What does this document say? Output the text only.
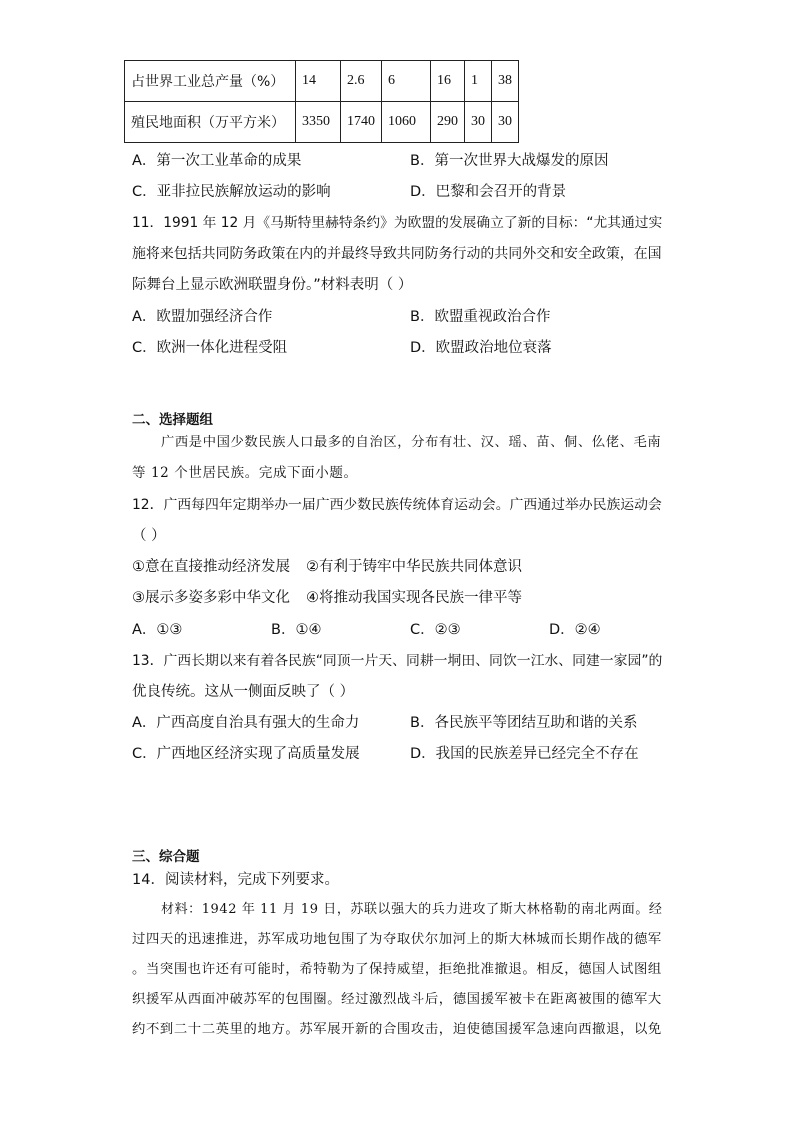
占世界工业总产量（%）	14	2.6	6	16	1	38
殖民地面积（万平方米）	3350	1740	1060	290	30	30
A．第一次工业革命的成果	B．第一次世界大战爆发的原因
C．亚非拉民族解放运动的影响	D．巴黎和会召开的背景
11．1991 年 12 月《马斯特里赫特条约》为欧盟的发展确立了新的目标：“尤其通过实
施将来包括共同防务政策在内的并最终导致共同防务行动的共同外交和安全政策，在国
际舞台上显示欧洲联盟身份。”材料表明（ ）
A．欧盟加强经济合作	B．欧盟重视政治合作
C．欧洲一体化进程受阻	D．欧盟政治地位衰落
二、选择题组
广西是中国少数民族人口最多的自治区，分布有壮、汉、瑶、苗、侗、仫佬、毛南
等 12 个世居民族。完成下面小题。
12．广西每四年定期举办一届广西少数民族传统体育运动会。广西通过举办民族运动会
（ ）
①意在直接推动经济发展 ②有利于铸牢中华民族共同体意识
③展示多姿多彩中华文化 ④将推动我国实现各民族一律平等
A．①③	B．①④	C．②③	D．②④
13．广西长期以来有着各民族“同顶一片天、同耕一垌田、同饮一江水、同建一家园”的
优良传统。这从一侧面反映了（ ）
A．广西高度自治具有强大的生命力	B．各民族平等团结互助和谐的关系
C．广西地区经济实现了高质量发展	D．我国的民族差异已经完全不存在
三、综合题
14．阅读材料，完成下列要求。
材料：1942 年 11 月 19 日，苏联以强大的兵力进攻了斯大林格勒的南北两面。经
过四天的迅速推进，苏军成功地包围了为夺取伏尔加河上的斯大林城而长期作战的德军
。当突围也许还有可能时，希特勒为了保持威望，拒绝批准撤退。相反，德国人试图组
织援军从西面冲破苏军的包围圈。经过激烈战斗后，德国援军被卡在距离被围的德军大
约不到二十二英里的地方。苏军展开新的合围攻击，迫使德国援军急速向西撤退，以免
